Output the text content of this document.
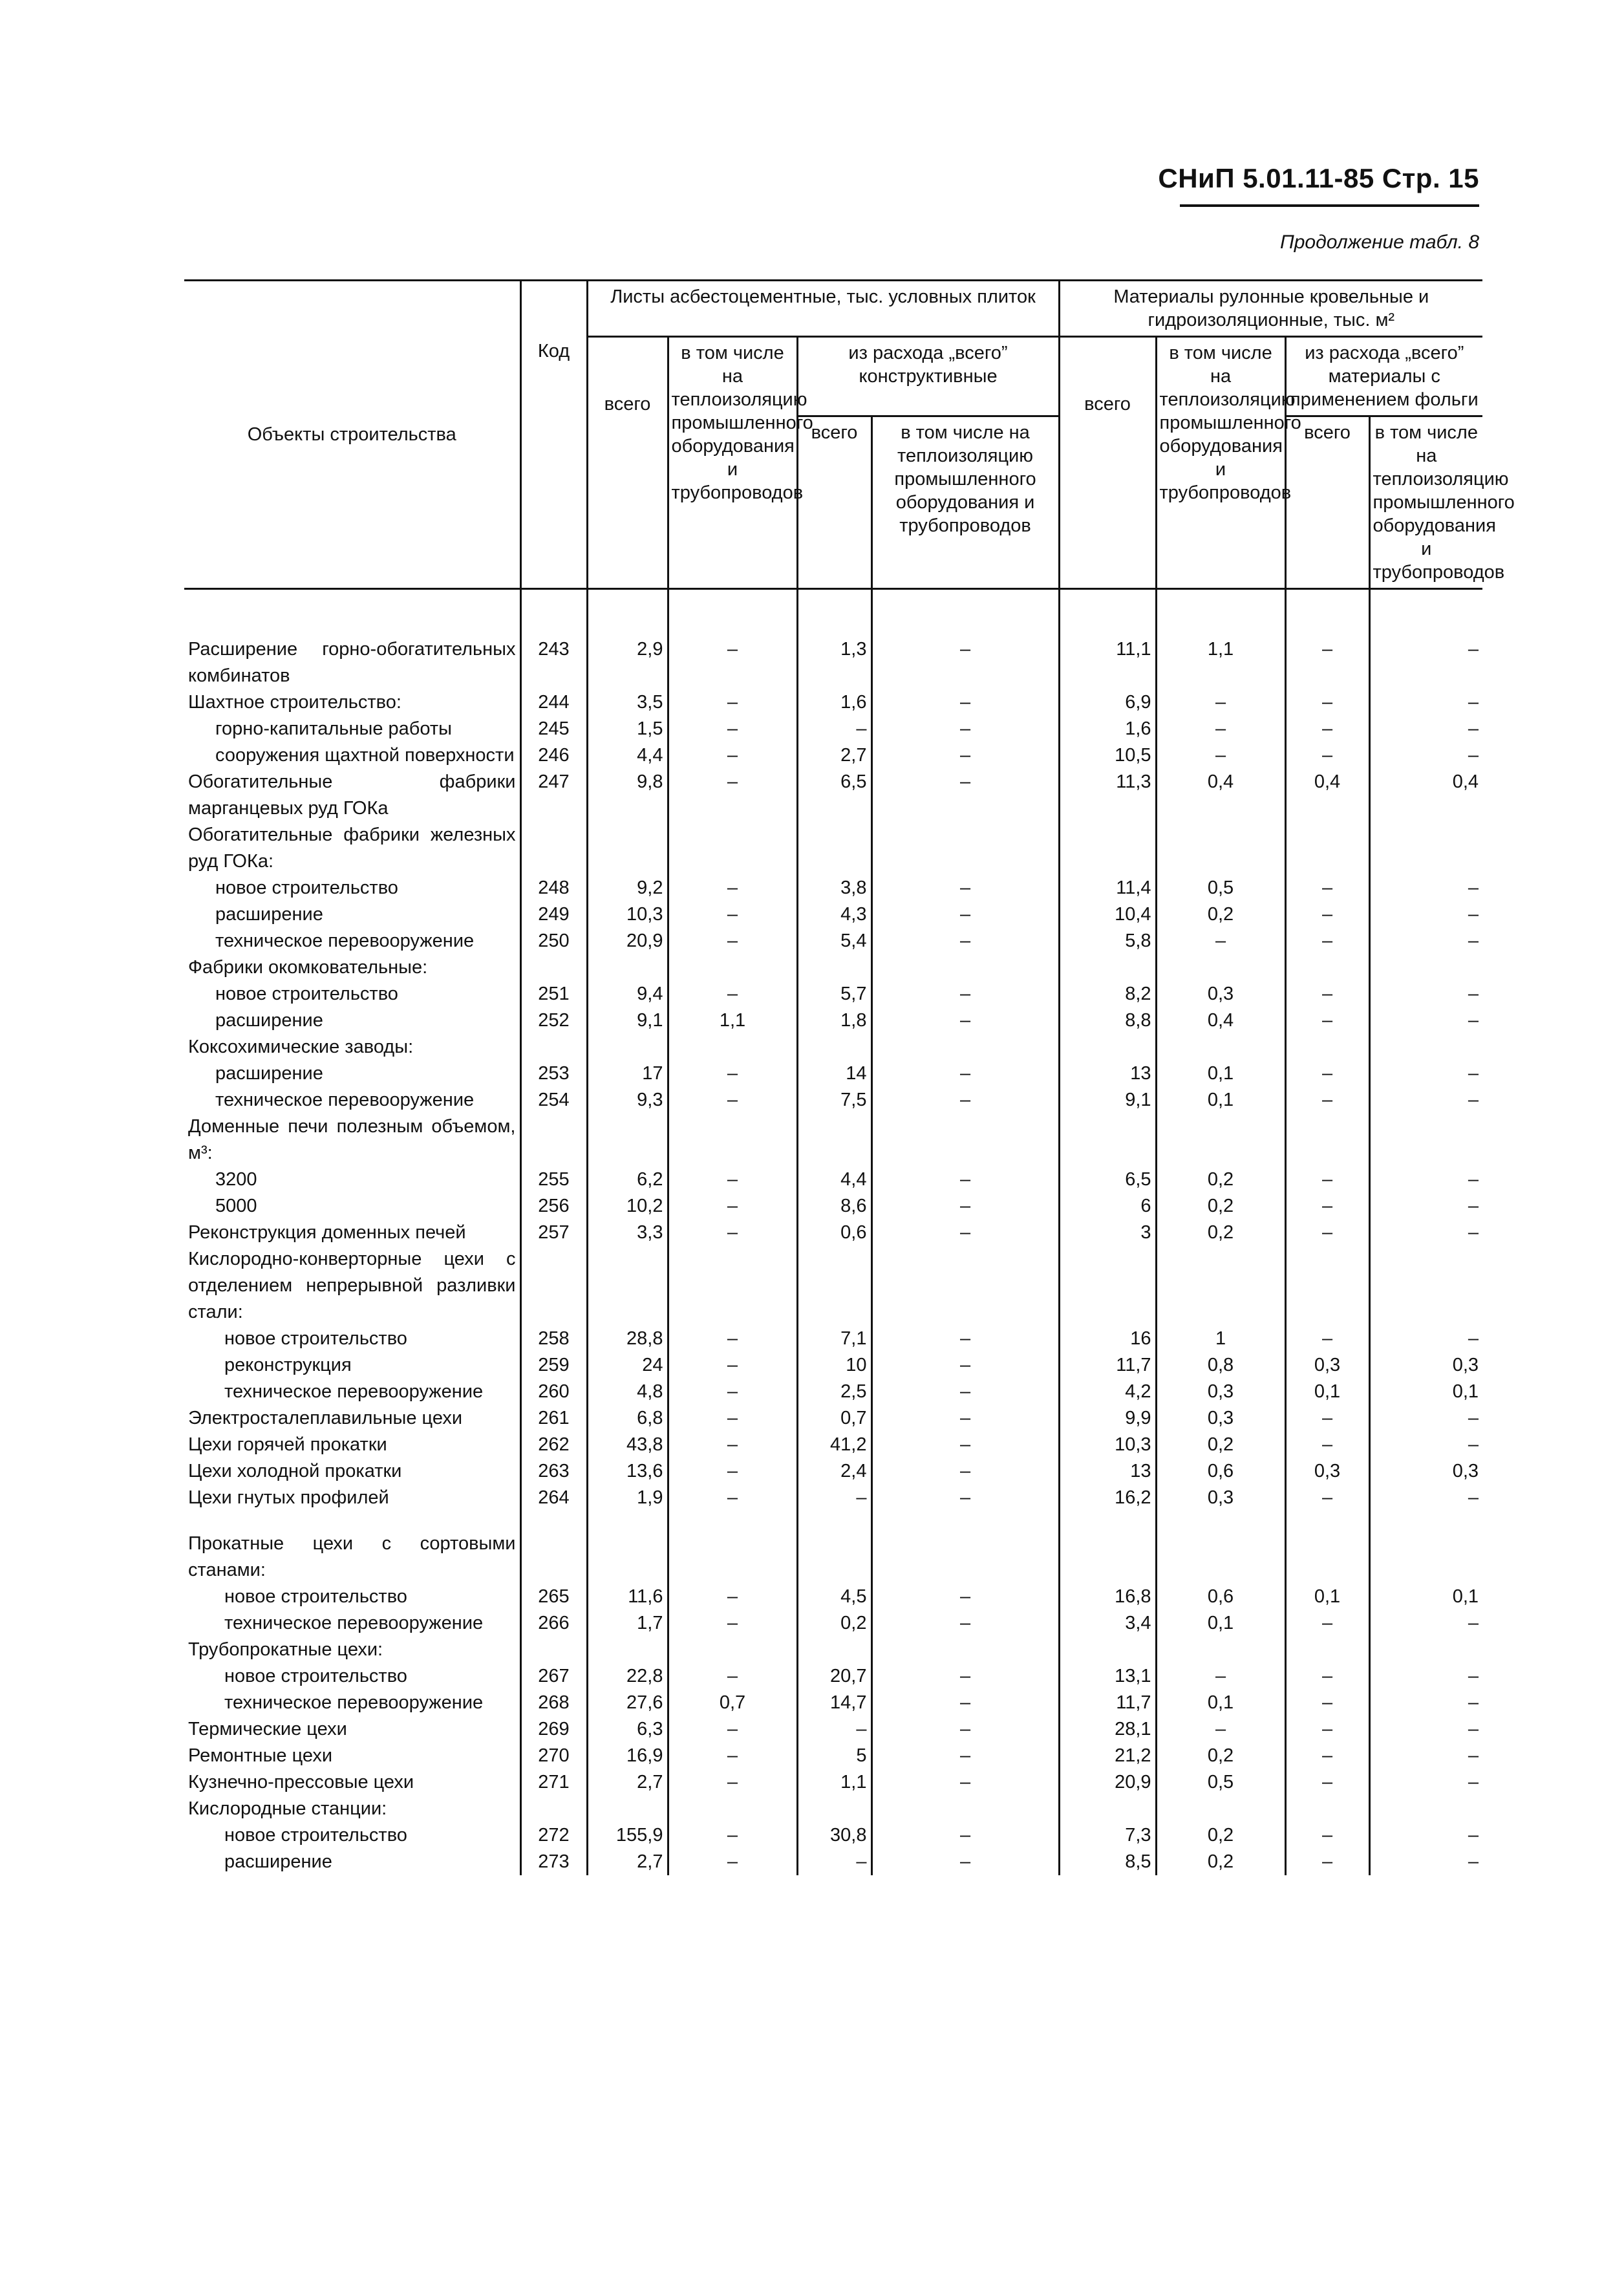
СНиП 5.01.11-85 Стр. 15
Продолжение табл. 8
Объекты строительства	Код	Листы асбестоцементные, тыс. условных плиток				Материалы рулонные кровельные и гидроизоляционные, тыс. м²			
		всего	в том числе на теплоизоляцию промышленного оборудования и трубопроводов	из расхода „всего” конструктивные		всего	в том числе на теплоизоляцию промышленного оборудования и трубопроводов	из расхода „всего” материалы с применением фольги	
				всего	в том числе на теплоизоляцию промышленного оборудования и трубопроводов			всего	в том числе на теплоизоляцию промышленного оборудования и трубопроводов

Расширение горно-обогатительных комбинатов	243	2,9	–	1,3	–	11,1	1,1	–	–
Шахтное строительство:	244	3,5	–	1,6	–	6,9	–	–	–
горно-капитальные работы	245	1,5	–	–	–	1,6	–	–	–
сооружения щахтной поверхности	246	4,4	–	2,7	–	10,5	–	–	–
Обогатительные фабрики марганцевых руд ГОКа	247	9,8	–	6,5	–	11,3	0,4	0,4	0,4
Обогатительные фабрики железных руд ГОКа:									
новое строительство	248	9,2	–	3,8	–	11,4	0,5	–	–
расширение	249	10,3	–	4,3	–	10,4	0,2	–	–
техническое перевооружение	250	20,9	–	5,4	–	5,8	–	–	–
Фабрики окомковательные:									
новое строительство	251	9,4	–	5,7	–	8,2	0,3	–	–
расширение	252	9,1	1,1	1,8	–	8,8	0,4	–	–
Коксохимические заводы:									
расширение	253	17	–	14	–	13	0,1	–	–
техническое перевооружение	254	9,3	–	7,5	–	9,1	0,1	–	–
Доменные печи полезным объемом, м³:									
3200	255	6,2	–	4,4	–	6,5	0,2	–	–
5000	256	10,2	–	8,6	–	6	0,2	–	–
Реконструкция доменных печей	257	3,3	–	0,6	–	3	0,2	–	–
Кислородно-конверторные цехи с отделением непрерывной разливки стали:									
новое строительство	258	28,8	–	7,1	–	16	1	–	–
реконструкция	259	24	–	10	–	11,7	0,8	0,3	0,3
техническое перевооружение	260	4,8	–	2,5	–	4,2	0,3	0,1	0,1
Электросталеплавильные цехи	261	6,8	–	0,7	–	9,9	0,3	–	–
Цехи горячей прокатки	262	43,8	–	41,2	–	10,3	0,2	–	–
Цехи холодной прокатки	263	13,6	–	2,4	–	13	0,6	0,3	0,3
Цехи гнутых профилей	264	1,9	–	–	–	16,2	0,3	–	–
Прокатные цехи с сортовыми станами:									
новое строительство	265	11,6	–	4,5	–	16,8	0,6	0,1	0,1
техническое перевооружение	266	1,7	–	0,2	–	3,4	0,1	–	–
Трубопрокатные цехи:									
новое строительство	267	22,8	–	20,7	–	13,1	–	–	–
техническое перевооружение	268	27,6	0,7	14,7	–	11,7	0,1	–	–
Термические цехи	269	6,3	–	–	–	28,1	–	–	–
Ремонтные цехи	270	16,9	–	5	–	21,2	0,2	–	–
Кузнечно-прессовые цехи	271	2,7	–	1,1	–	20,9	0,5	–	–
Кислородные станции:									
новое строительство	272	155,9	–	30,8	–	7,3	0,2	–	–
расширение	273	2,7	–	–	–	8,5	0,2	–	–
